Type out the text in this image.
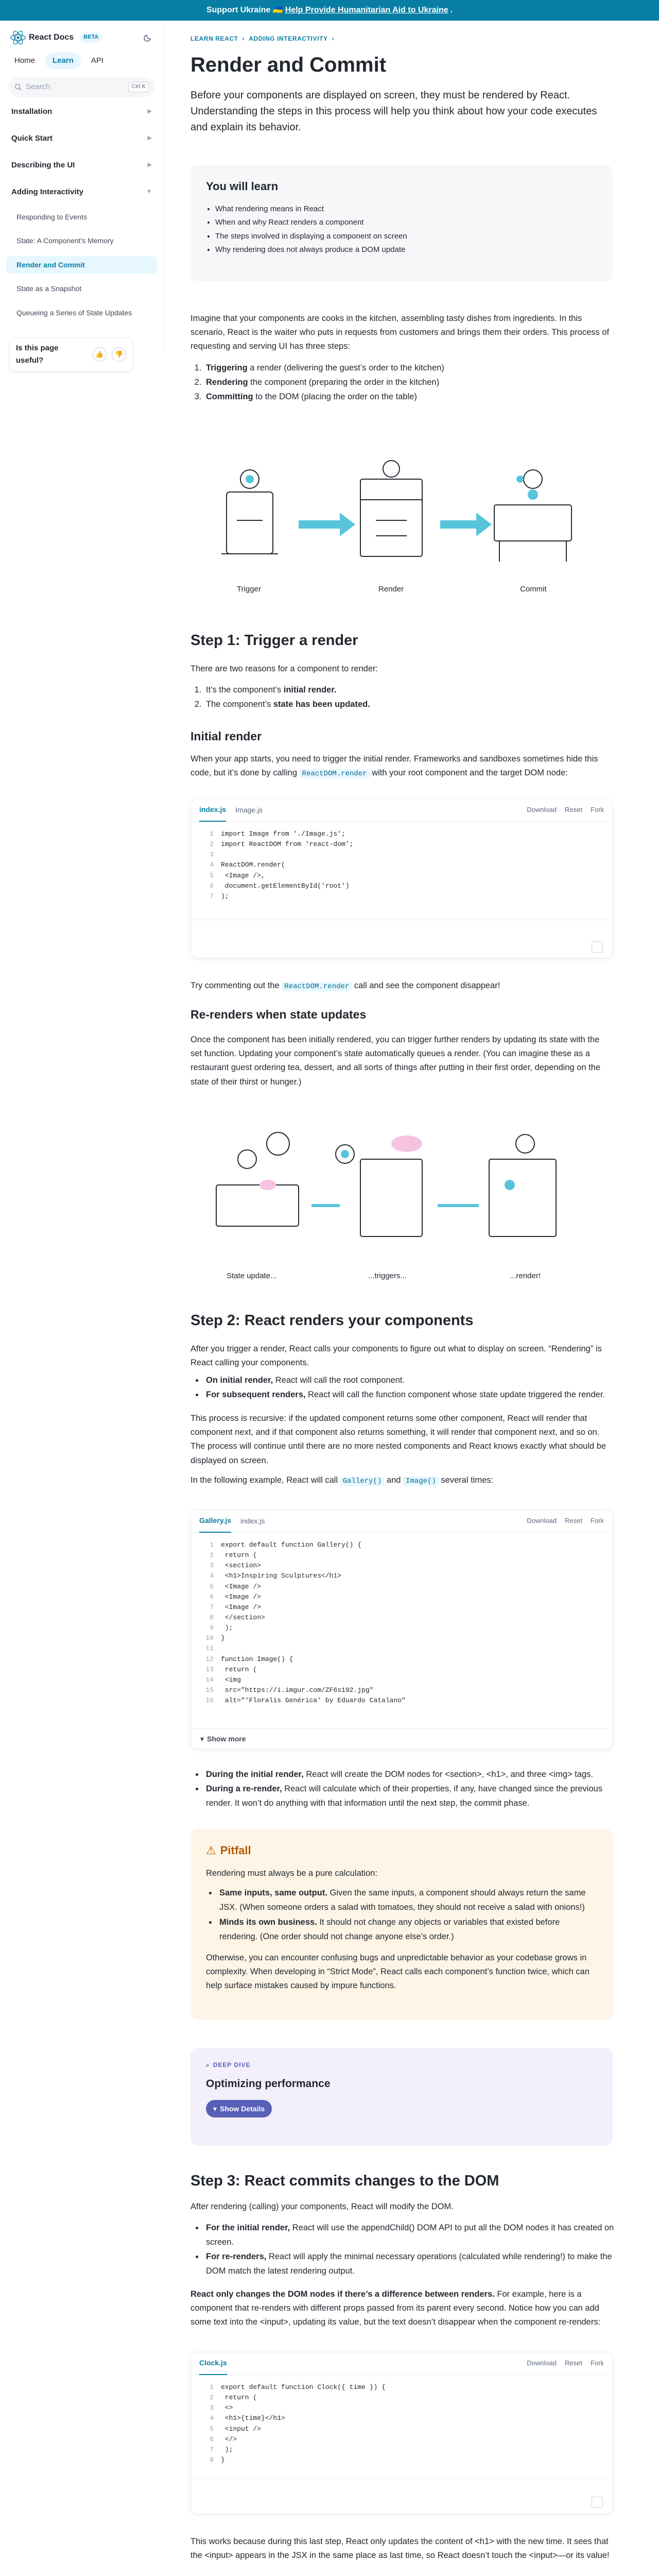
Support Ukraine 🇺🇦 Help Provide Humanitarian Aid to Ukraine .
React Docs	BETA
Home	Learn	API
Search	Ctrl K
Installation	▶
Quick Start	▶
Describing the UI	▶
Adding Interactivity	▼
Responding to Events
State: A Component's Memory
Render and Commit
State as a Snapshot
Queueing a Series of State Updates
Is this page useful?
👍	👎
LEARN REACT › ADDING INTERACTIVITY ›
Render and Commit

Before your components are displayed on screen, they must be rendered by React. Understanding the steps in this process will help you think about how your code executes and explain its behavior.

You will learn
• What rendering means in React
• When and why React renders a component
• The steps involved in displaying a component on screen
• Why rendering does not always produce a DOM update

Imagine that your components are cooks in the kitchen, assembling tasty dishes from ingredients. In this scenario, React is the waiter who puts in requests from customers and brings them their orders. This process of requesting and serving UI has three steps:

1. Triggering a render (delivering the guest’s order to the kitchen)
2. Rendering the component (preparing the order in the kitchen)
3. Committing to the DOM (placing the order on the table)
Trigger	Render	Commit
Step 1: Trigger a render

There are two reasons for a component to render:

1. It’s the component’s initial render.
2. The component’s state has been updated.
Initial render

When your app starts, you need to trigger the initial render. Frameworks and sandboxes sometimes hide this code, but it’s done by calling ReactDOM.render with your root component and the target DOM node:

index.js Image.js	Download Reset Fork
1 import Image from './Image.js';
2 import ReactDOM from 'react-dom';
3
4 ReactDOM.render(
5 <Image />,
6 document.getElementById('root')
7 );

Try commenting out the ReactDOM.render call and see the component disappear!

Re-renders when state updates

Once the component has been initially rendered, you can trigger further renders by updating its state with the set function. Updating your component’s state automatically queues a render. (You can imagine these as a restaurant guest ordering tea, dessert, and all sorts of things after putting in their first order, depending on the state of their thirst or hunger.)

State update...	...triggers...	...render!
Step 2: React renders your components

After you trigger a render, React calls your components to figure out what to display on screen. “Rendering” is React calling your components.

• On initial render, React will call the root component.
• For subsequent renders, React will call the function component whose state update triggered the render.

This process is recursive: if the updated component returns some other component, React will render that component next, and if that component also returns something, it will render that component next, and so on. The process will continue until there are no more nested components and React knows exactly what should be displayed on screen.

In the following example, React will call Gallery() and Image() several times:

Gallery.js index.js	Download Reset Fork
1 export default function Gallery() {
2 return (
3 <section>
4 <h1>Inspiring Sculptures</h1>
5 <Image />
6 <Image />
7 <Image />
8 </section>
9 );
10 }
11
12 function Image() {
13 return (
14 <img
15 src="https://i.imgur.com/ZF6s192.jpg"
16 alt="'Floralis Genérica' by Eduardo Catalano"
▾ Show more
• During the initial render, React will create the DOM nodes for <section>, <h1>, and three <img> tags.
• During a re-render, React will calculate which of their properties, if any, have changed since the previous render. It won’t do anything with that information until the next step, the commit phase.
⚠ Pitfall

Rendering must always be a pure calculation:

• Same inputs, same output. Given the same inputs, a component should always return the same JSX. (When someone orders a salad with tomatoes, they should not receive a salad with onions!)
• Minds its own business. It should not change any objects or variables that existed before rendering. (One order should not change anyone else’s order.)

Otherwise, you can encounter confusing bugs and unpredictable behavior as your codebase grows in complexity. When developing in “Strict Mode”, React calls each component’s function twice, which can help surface mistakes caused by impure functions.

⌕ DEEP DIVE
Optimizing performance
▾ Show Details
Step 3: React commits changes to the DOM

After rendering (calling) your components, React will modify the DOM.

• For the initial render, React will use the appendChild() DOM API to put all the DOM nodes it has created on screen.
• For re-renders, React will apply the minimal necessary operations (calculated while rendering!) to make the DOM match the latest rendering output.

React only changes the DOM nodes if there’s a difference between renders. For example, here is a component that re-renders with different props passed from its parent every second. Notice how you can add some text into the <input>, updating its value, but the text doesn’t disappear when the component re-renders:

Clock.js	Download Reset Fork
1 export default function Clock({ time }) {
2 return (
3 <>
4 <h1>{time}</h1>
5 <input />
6 </>
7 );
8 }

This works because during this last step, React only updates the content of <h1> with the new time. It sees that the <input> appears in the JSX in the same place as last time, so React doesn’t touch the <input>—or its value!
